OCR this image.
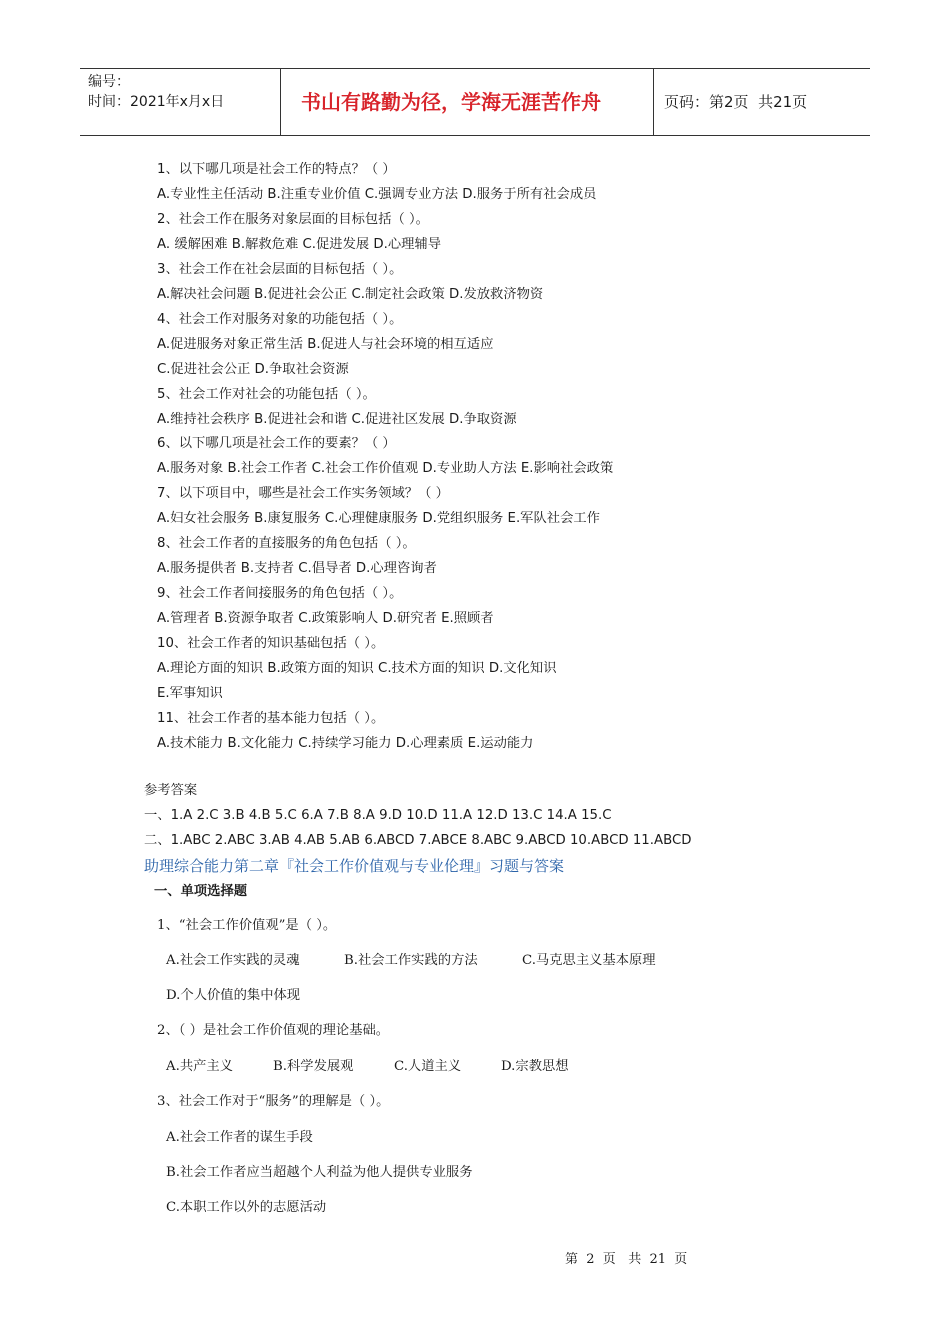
编号：
时间：2021年x月x日	书山有路勤为径，学海无涯苦作舟	页码：第2页  共21页
1、以下哪几项是社会工作的特点？（ ）
A.专业性主任活动 B.注重专业价值 C.强调专业方法 D.服务于所有社会成员
2、社会工作在服务对象层面的目标包括（ ）。
A. 缓解困难 B.解救危难 C.促进发展 D.心理辅导
3、社会工作在社会层面的目标包括（ ）。
A.解决社会问题 B.促进社会公正 C.制定社会政策 D.发放救济物资
4、社会工作对服务对象的功能包括（ ）。
A.促进服务对象正常生活 B.促进人与社会环境的相互适应
C.促进社会公正 D.争取社会资源
5、社会工作对社会的功能包括（ ）。
A.维持社会秩序 B.促进社会和谐 C.促进社区发展 D.争取资源
6、以下哪几项是社会工作的要素？（ ）
A.服务对象 B.社会工作者 C.社会工作价值观 D.专业助人方法 E.影响社会政策
7、以下项目中，哪些是社会工作实务领域？（ ）
A.妇女社会服务 B.康复服务 C.心理健康服务 D.党组织服务 E.军队社会工作
8、社会工作者的直接服务的角色包括（ ）。
A.服务提供者 B.支持者 C.倡导者 D.心理咨询者
9、社会工作者间接服务的角色包括（ ）。
A.管理者 B.资源争取者 C.政策影响人 D.研究者 E.照顾者
10、社会工作者的知识基础包括（ ）。
A.理论方面的知识 B.政策方面的知识 C.技术方面的知识 D.文化知识
E.军事知识
11、社会工作者的基本能力包括（ ）。
A.技术能力 B.文化能力 C.持续学习能力 D.心理素质 E.运动能力
参考答案
一、1.A 2.C 3.B 4.B 5.C 6.A 7.B 8.A 9.D 10.D 11.A 12.D 13.C 14.A 15.C
二、1.ABC 2.ABC 3.AB 4.AB 5.AB 6.ABCD 7.ABCE 8.ABC 9.ABCD 10.ABCD 11.ABCD
助理综合能力第二章『社会工作价值观与专业伦理』习题与答案
一、单项选择题
1、“社会工作价值观”是（ ）。
A.社会工作实践的灵魂	B.社会工作实践的方法	C.马克思主义基本原理
D.个人价值的集中体现
2、（ ）是社会工作价值观的理论基础。
A.共产主义	B.科学发展观	C.人道主义	D.宗教思想
3、社会工作对于“服务”的理解是（ ）。
A.社会工作者的谋生手段
B.社会工作者应当超越个人利益为他人提供专业服务
C.本职工作以外的志愿活动
第  2  页   共  21  页
